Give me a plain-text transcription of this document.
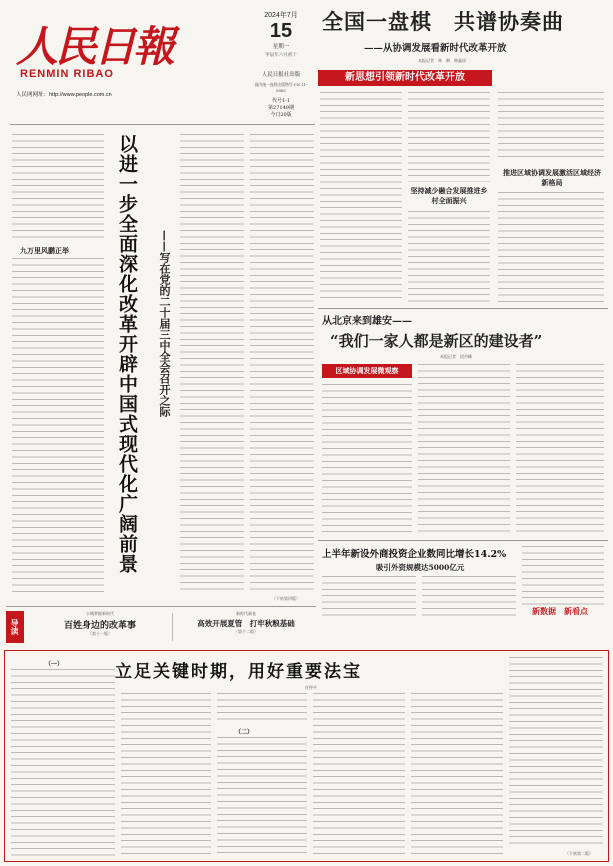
人民日報
RENMIN RIBAO
人民网网址：http://www.people.com.cn
2024年7月
15
星期一
甲辰年六月初十
人民日报社出版
国内统一连续出版物号 CN 11-0065
代号1-1
第27149期
今日20版
全国一盘棋　共谱协奏曲
——从协调发展看新时代改革开放
本报记者　林　琳　韩鑫瑶
新思想引领新时代改革开放
坚持减少融合发展推进乡村全面振兴
推进区域协调发展激活区域经济新格局
九万里风鹏正举 以进一步全面深化改革开辟中国式现代化广阔前景 ——写在党的二十届三中全会召开之际
（下转第四版）
从北京来到雄安——
“我们一家人都是新区的建设者”
本报记者　段丹峰
区域协调发展微观察
上半年新设外商投资企业数同比增长14.2%
吸引外资规模达5000亿元
新数据　新看点
导读
小城掌握新时代
百姓身边的改革事
（第十一版）
新时代画卷
高效开展夏管　打牢秋粮基础
（第十二版）
立足关键时期，用好重要法宝
任仲平
（一）
（二）
（下转第二版）
